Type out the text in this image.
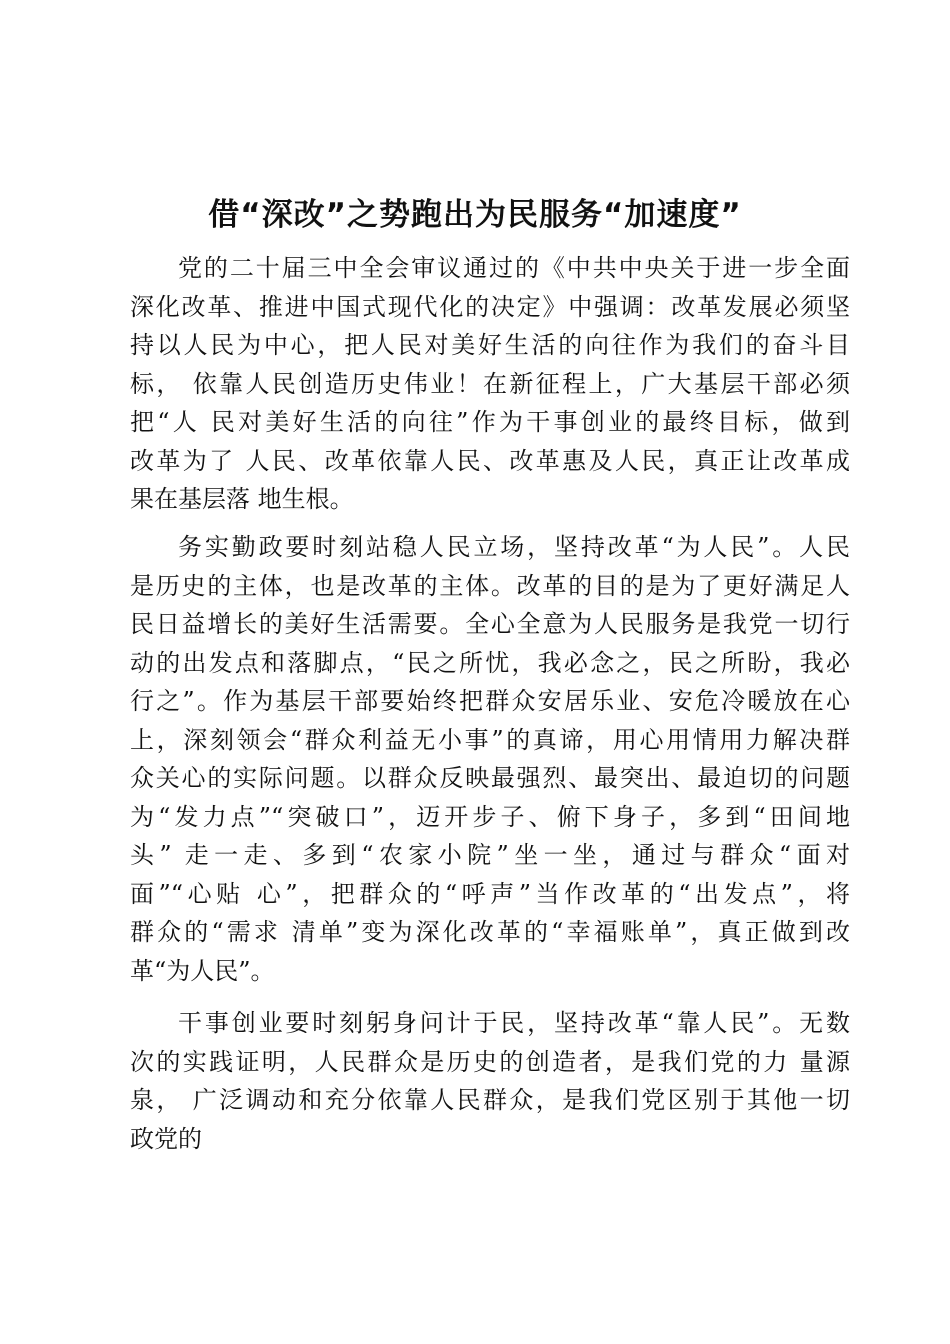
借“深改”之势跑出为民服务“加速度”
党的二十届三中全会审议通过的《中共中央关于进一步全面
深化改革、推进中国式现代化的决定》中强调：改革发展必须坚
持以人民为中心，把人民对美好生活的向往作为我们的奋斗目
标， 依靠人民创造历史伟业！在新征程上，广大基层干部必须
把“人 民对美好生活的向往”作为干事创业的最终目标，做到
改革为了 人民、改革依靠人民、改革惠及人民，真正让改革成
果在基层落 地生根。
务实勤政要时刻站稳人民立场，坚持改革“为人民”。人民
是历史的主体，也是改革的主体。改革的目的是为了更好满足人
民日益增长的美好生活需要。全心全意为人民服务是我党一切行
动的出发点和落脚点，“民之所忧，我必念之，民之所盼，我必
行之”。作为基层干部要始终把群众安居乐业、安危冷暖放在心
上，深刻领会“群众利益无小事”的真谛，用心用情用力解决群
众关心的实际问题。以群众反映最强烈、最突出、最迫切的问题
为“发力点”“突破口”，迈开步子、俯下身子，多到“田间地
头” 走一走、多到“农家小院”坐一坐，通过与群众“面对
面”“心贴 心”，把群众的“呼声”当作改革的“出发点”，将
群众的“需求 清单”变为深化改革的“幸福账单”，真正做到改
革“为人民”。
干事创业要时刻躬身问计于民，坚持改革“靠人民”。无数
次的实践证明，人民群众是历史的创造者，是我们党的力 量源
泉， 广泛调动和充分依靠人民群众，是我们党区别于其他一切
政党的
